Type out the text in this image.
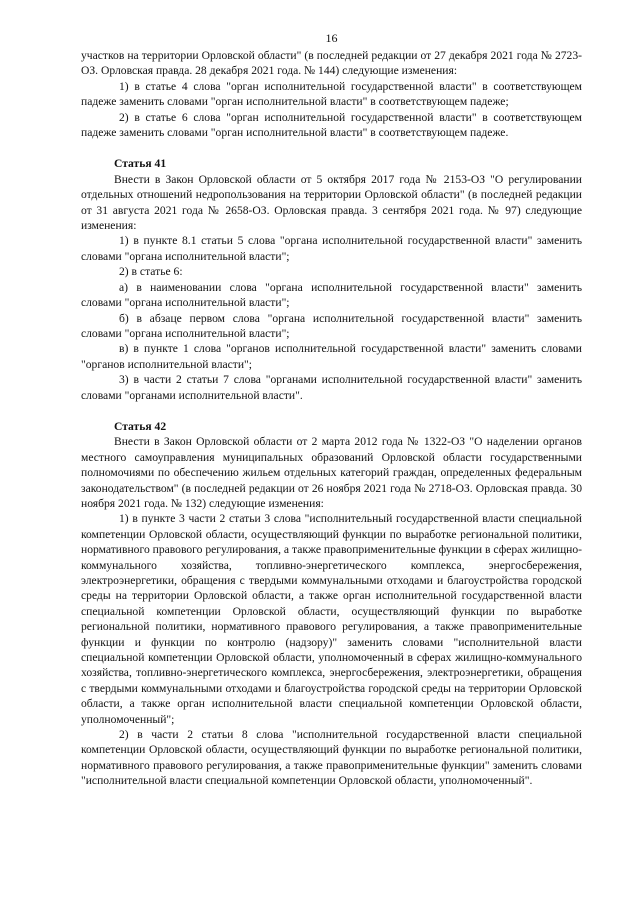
16

участков на территории Орловской области" (в последней редакции от 27 декабря 2021 года № 2723-ОЗ. Орловская правда. 28 декабря 2021 года. № 144) следующие изменения:

1) в статье 4 слова "орган исполнительной государственной власти" в соответствующем падеже заменить словами "орган исполнительной власти" в соответствующем падеже;

2) в статье 6 слова "орган исполнительной государственной власти" в соответствующем падеже заменить словами "орган исполнительной власти" в соответствующем падеже.

Статья 41

Внести в Закон Орловской области от 5 октября 2017 года № 2153-ОЗ "О регулировании отдельных отношений недропользования на территории Орловской области" (в последней редакции от 31 августа 2021 года № 2658-ОЗ. Орловская правда. 3 сентября 2021 года. № 97) следующие изменения:

1) в пункте 8.1 статьи 5 слова "органа исполнительной государственной власти" заменить словами "органа исполнительной власти";

2) в статье 6:

а) в наименовании слова "органа исполнительной государственной власти" заменить словами "органа исполнительной власти";

б) в абзаце первом слова "органа исполнительной государственной власти" заменить словами "органа исполнительной власти";

в) в пункте 1 слова "органов исполнительной государственной власти" заменить словами "органов исполнительной власти";

3) в части 2 статьи 7 слова "органами исполнительной государственной власти" заменить словами "органами исполнительной власти".

Статья 42

Внести в Закон Орловской области от 2 марта 2012 года № 1322-ОЗ "О наделении органов местного самоуправления муниципальных образований Орловской области государственными полномочиями по обеспечению жильем отдельных категорий граждан, определенных федеральным законодательством" (в последней редакции от 26 ноября 2021 года № 2718-ОЗ. Орловская правда. 30 ноября 2021 года. № 132) следующие изменения:

1) в пункте 3 части 2 статьи 3 слова "исполнительный государственной власти специальной компетенции Орловской области, осуществляющий функции по выработке региональной политики, нормативного правового регулирования, а также правоприменительные функции в сферах жилищно-коммунального хозяйства, топливно-энергетического комплекса, энергосбережения, электроэнергетики, обращения с твердыми коммунальными отходами и благоустройства городской среды на территории Орловской области, а также орган исполнительной государственной власти специальной компетенции Орловской области, осуществляющий функции по выработке региональной политики, нормативного правового регулирования, а также правоприменительные функции и функции по контролю (надзору)" заменить словами "исполнительной власти специальной компетенции Орловской области, уполномоченный в сферах жилищно-коммунального хозяйства, топливно-энергетического комплекса, энергосбережения, электроэнергетики, обращения с твердыми коммунальными отходами и благоустройства городской среды на территории Орловской области, а также орган исполнительной власти специальной компетенции Орловской области, уполномоченный";

2) в части 2 статьи 8 слова "исполнительной государственной власти специальной компетенции Орловской области, осуществляющий функции по выработке региональной политики, нормативного правового регулирования, а также правоприменительные функции" заменить словами "исполнительной власти специальной компетенции Орловской области, уполномоченный".
